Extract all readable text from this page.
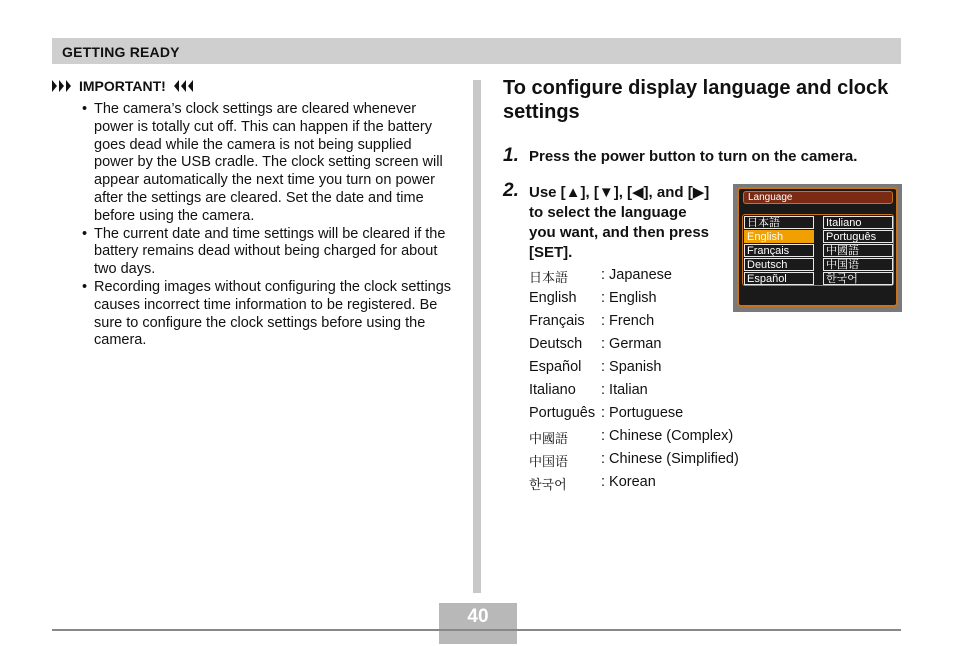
GETTING READY
IMPORTANT!
• The camera’s clock settings are cleared whenever power is totally cut off. This can happen if the battery goes dead while the camera is not being supplied power by the USB cradle. The clock setting screen will appear automatically the next time you turn on power after the settings are cleared. Set the date and time before using the camera.
• The current date and time settings will be cleared if the battery remains dead without being charged for about two days.
• Recording images without configuring the clock settings causes incorrect time information to be registered. Be sure to configure the clock settings before using the camera.
To configure display language and clock settings
1. Press the power button to turn on the camera.
2. Use [▲], [▼], [◀], and [▶] to select the language you want, and then press [SET].
日本語 : Japanese
English : English
Français : French
Deutsch : German
Español : Spanish
Italiano : Italian
Português : Portuguese
中國語 : Chinese (Complex)
中国语 : Chinese (Simplified)
한국어 : Korean
Language
日本語
English
Français
Deutsch
Español
Italiano
Português
中國語
中国语
한국어
40
